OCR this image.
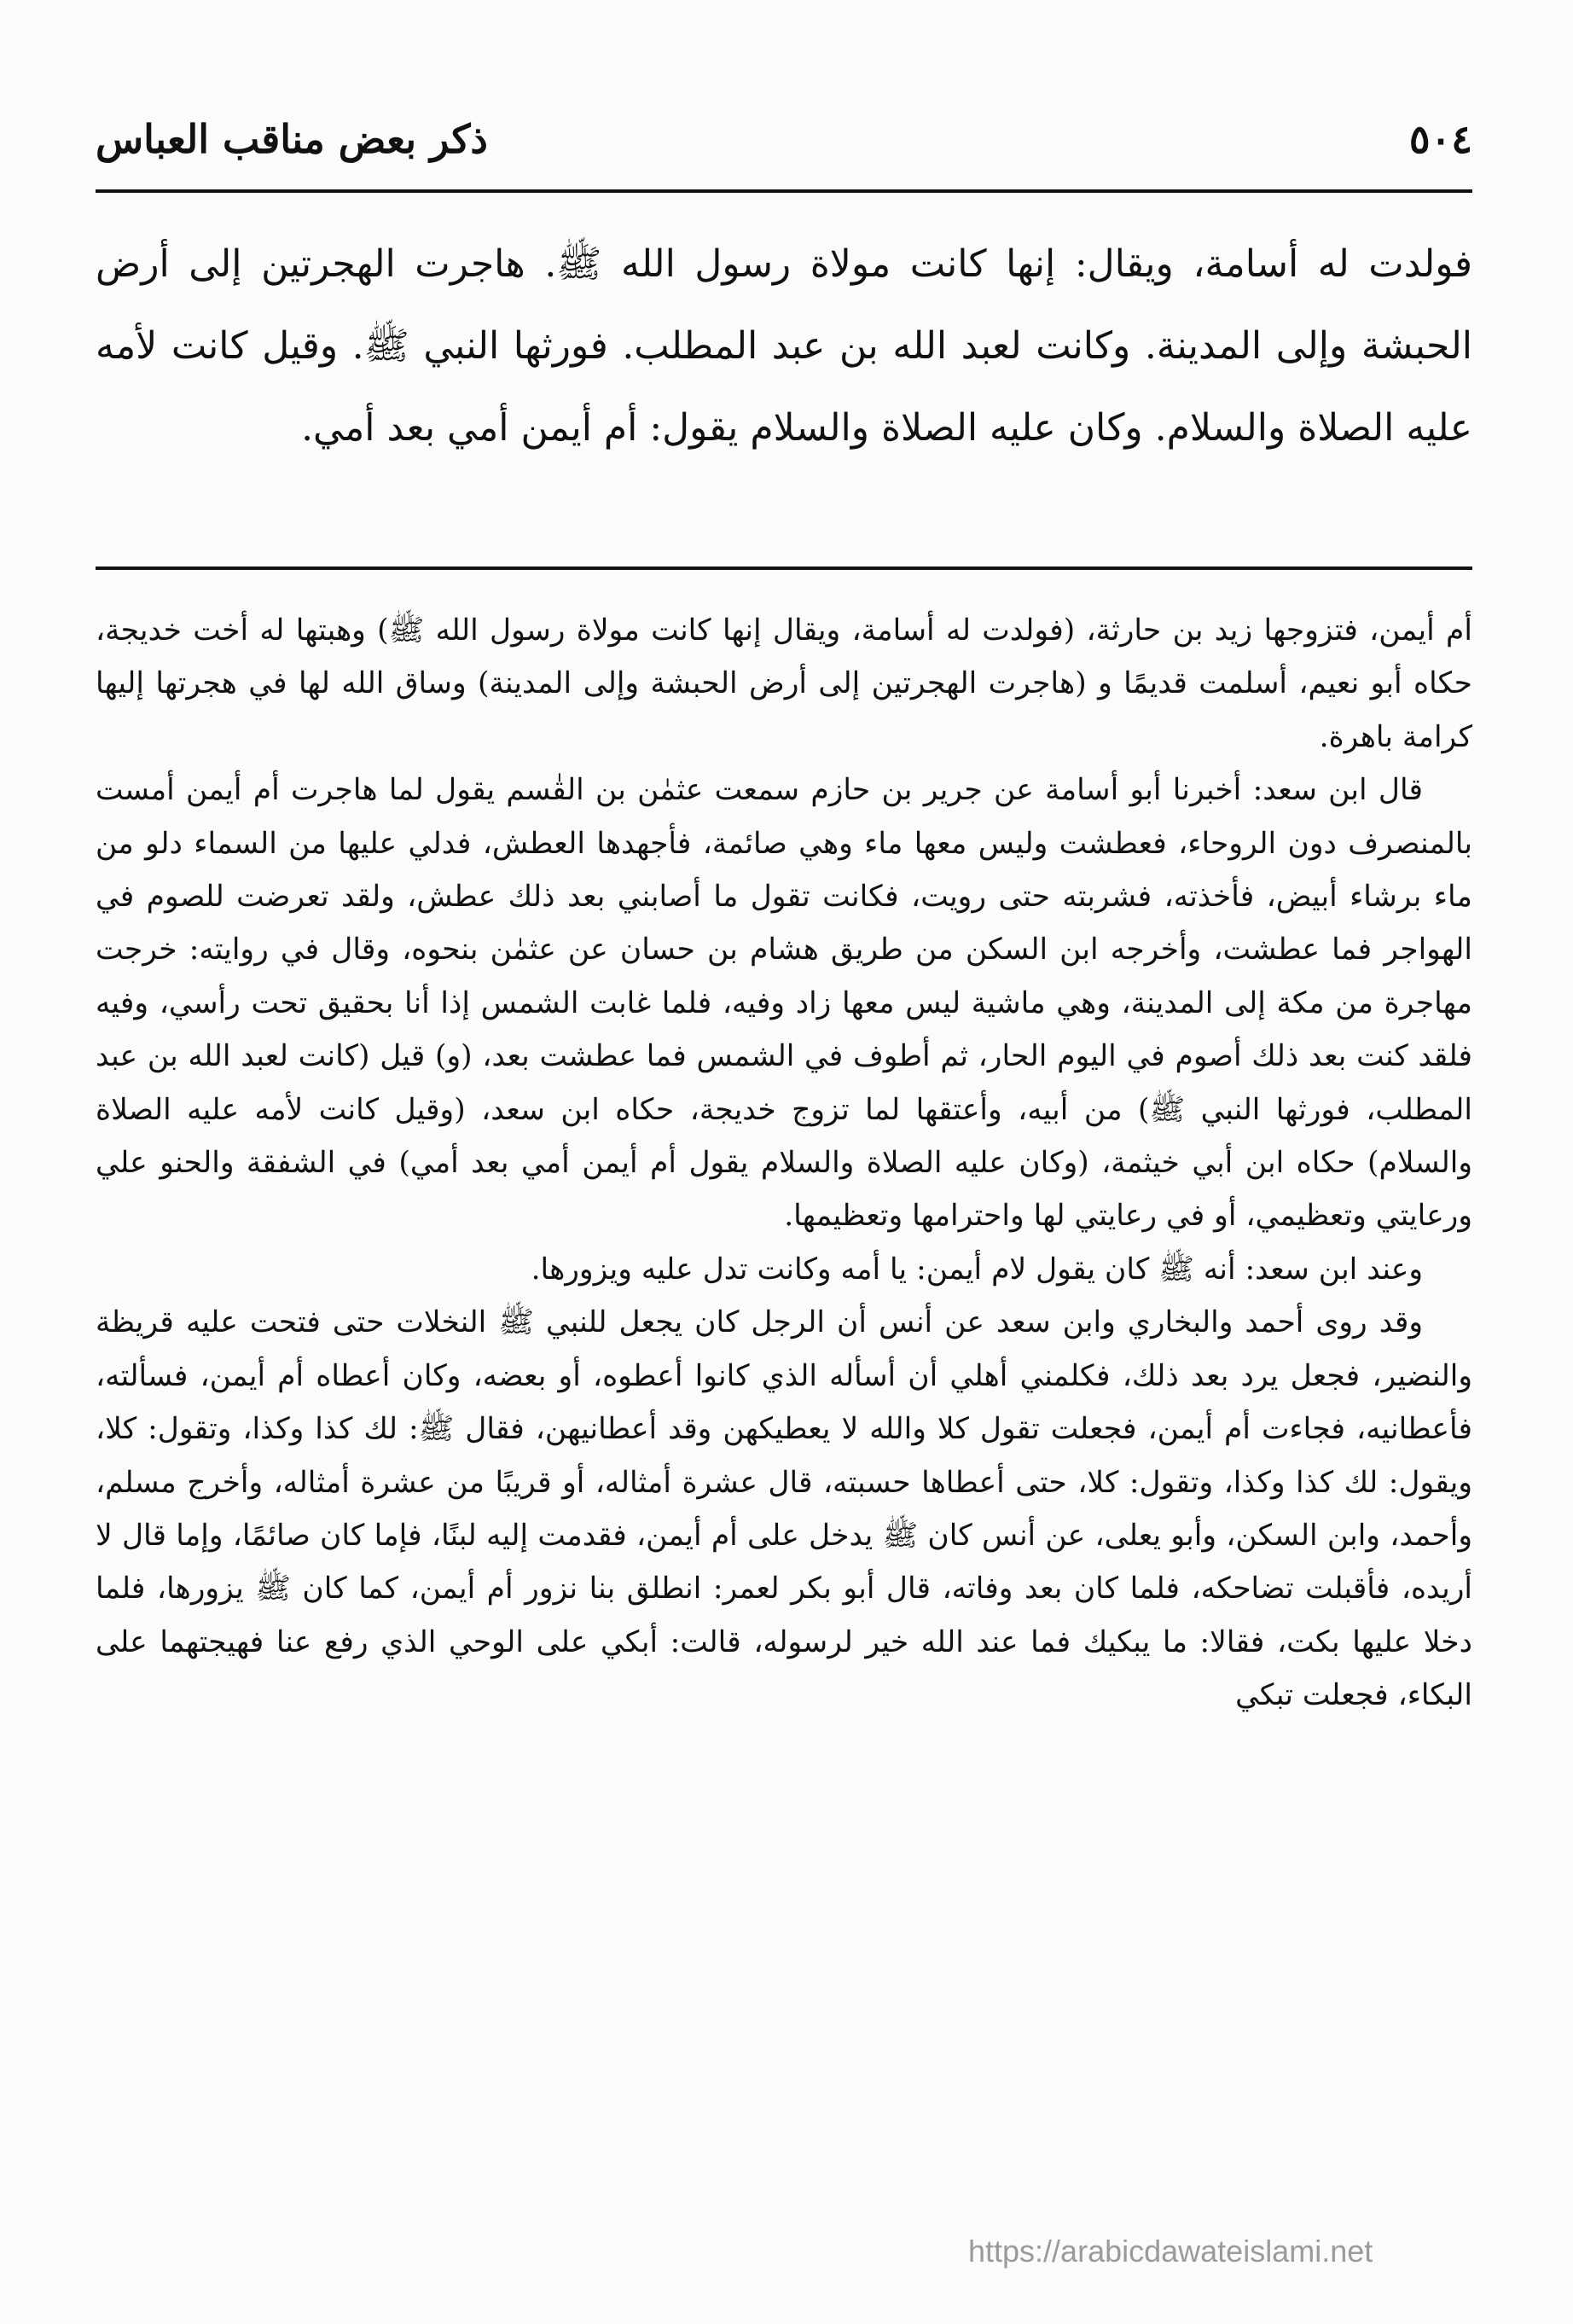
٥٠٤
ذكر بعض مناقب العباس
فولدت له أسامة، ويقال: إنها كانت مولاة رسول الله ﷺ. هاجرت الهجرتين إلى أرض الحبشة وإلى المدينة. وكانت لعبد الله بن عبد المطلب. فورثها النبي ﷺ. وقيل كانت لأمه عليه الصلاة والسلام. وكان عليه الصلاة والسلام يقول: أم أيمن أمي بعد أمي.

أم أيمن، فتزوجها زيد بن حارثة، (فولدت له أسامة، ويقال إنها كانت مولاة رسول الله ﷺ) وهبتها له أخت خديجة، حكاه أبو نعيم، أسلمت قديمًا و (هاجرت الهجرتين إلى أرض الحبشة وإلى المدينة) وساق الله لها في هجرتها إليها كرامة باهرة.

قال ابن سعد: أخبرنا أبو أسامة عن جرير بن حازم سمعت عثمٰن بن القٰسم يقول لما هاجرت أم أيمن أمست بالمنصرف دون الروحاء، فعطشت وليس معها ماء وهي صائمة، فأجهدها العطش، فدلي عليها من السماء دلو من ماء برشاء أبيض، فأخذته، فشربته حتى رويت، فكانت تقول ما أصابني بعد ذلك عطش، ولقد تعرضت للصوم في الهواجر فما عطشت، وأخرجه ابن السكن من طريق هشام بن حسان عن عثمٰن بنحوه، وقال في روايته: خرجت مهاجرة من مكة إلى المدينة، وهي ماشية ليس معها زاد وفيه، فلما غابت الشمس إذا أنا بحقيق تحت رأسي، وفيه فلقد كنت بعد ذلك أصوم في اليوم الحار، ثم أطوف في الشمس فما عطشت بعد، (و) قيل (كانت لعبد الله بن عبد المطلب، فورثها النبي ﷺ) من أبيه، وأعتقها لما تزوج خديجة، حكاه ابن سعد، (وقيل كانت لأمه عليه الصلاة والسلام) حكاه ابن أبي خيثمة، (وكان عليه الصلاة والسلام يقول أم أيمن أمي بعد أمي) في الشفقة والحنو علي ورعايتي وتعظيمي، أو في رعايتي لها واحترامها وتعظيمها.

وعند ابن سعد: أنه ﷺ كان يقول لام أيمن: يا أمه وكانت تدل عليه ويزورها.

وقد روى أحمد والبخاري وابن سعد عن أنس أن الرجل كان يجعل للنبي ﷺ النخلات حتى فتحت عليه قريظة والنضير، فجعل يرد بعد ذلك، فكلمني أهلي أن أسأله الذي كانوا أعطوه، أو بعضه، وكان أعطاه أم أيمن، فسألته، فأعطانيه، فجاءت أم أيمن، فجعلت تقول كلا والله لا يعطيكهن وقد أعطانيهن، فقال ﷺ: لك كذا وكذا، وتقول: كلا، ويقول: لك كذا وكذا، وتقول: كلا، حتى أعطاها حسبته، قال عشرة أمثاله، أو قريبًا من عشرة أمثاله، وأخرج مسلم، وأحمد، وابن السكن، وأبو يعلى، عن أنس كان ﷺ يدخل على أم أيمن، فقدمت إليه لبنًا، فإما كان صائمًا، وإما قال لا أريده، فأقبلت تضاحكه، فلما كان بعد وفاته، قال أبو بكر لعمر: انطلق بنا نزور أم أيمن، كما كان ﷺ يزورها، فلما دخلا عليها بكت، فقالا: ما يبكيك فما عند الله خير لرسوله، قالت: أبكي على الوحي الذي رفع عنا فهيجتهما على البكاء، فجعلت تبكي

https://arabicdawateislami.net
